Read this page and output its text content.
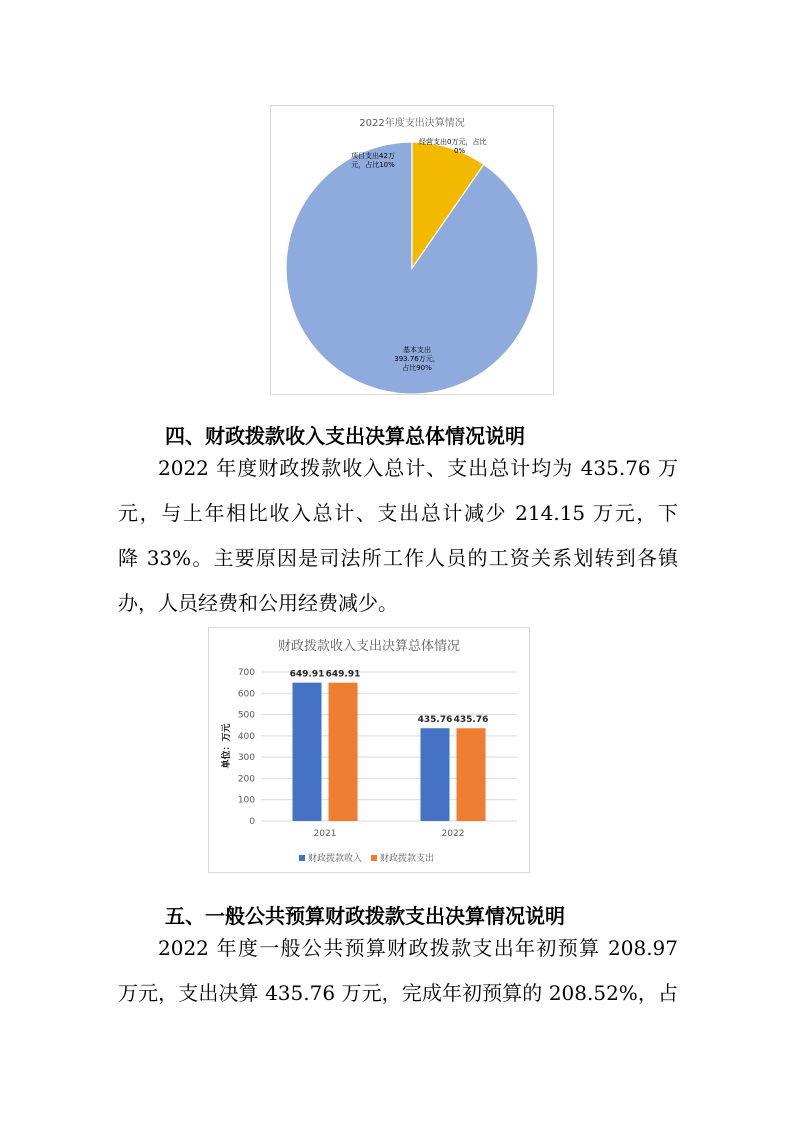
2022年度支出决算情况
基本支出 393.76万元，占比90%
项目支出42万元，占比10%
经营支出0万元，占比 0%
四、财政拨款收入支出决算总体情况说明
2022 年度财政拨款收入总计、支出总计均为 435.76 万
元，与上年相比收入总计、支出总计减少 214.15 万元，下
降 33%。主要原因是司法所工作人员的工资关系划转到各镇
办，人员经费和公用经费减少。
财政拨款收入支出决算总体情况
单位：万元
0
100
200
300
400
500
600
700	649.91 649.91
2021
435.76 435.76
2022
财政拨款收入 财政拨款支出
五、一般公共预算财政拨款支出决算情况说明
2022 年度一般公共预算财政拨款支出年初预算 208.97
万元，支出决算 435.76 万元，完成年初预算的 208.52%，占
